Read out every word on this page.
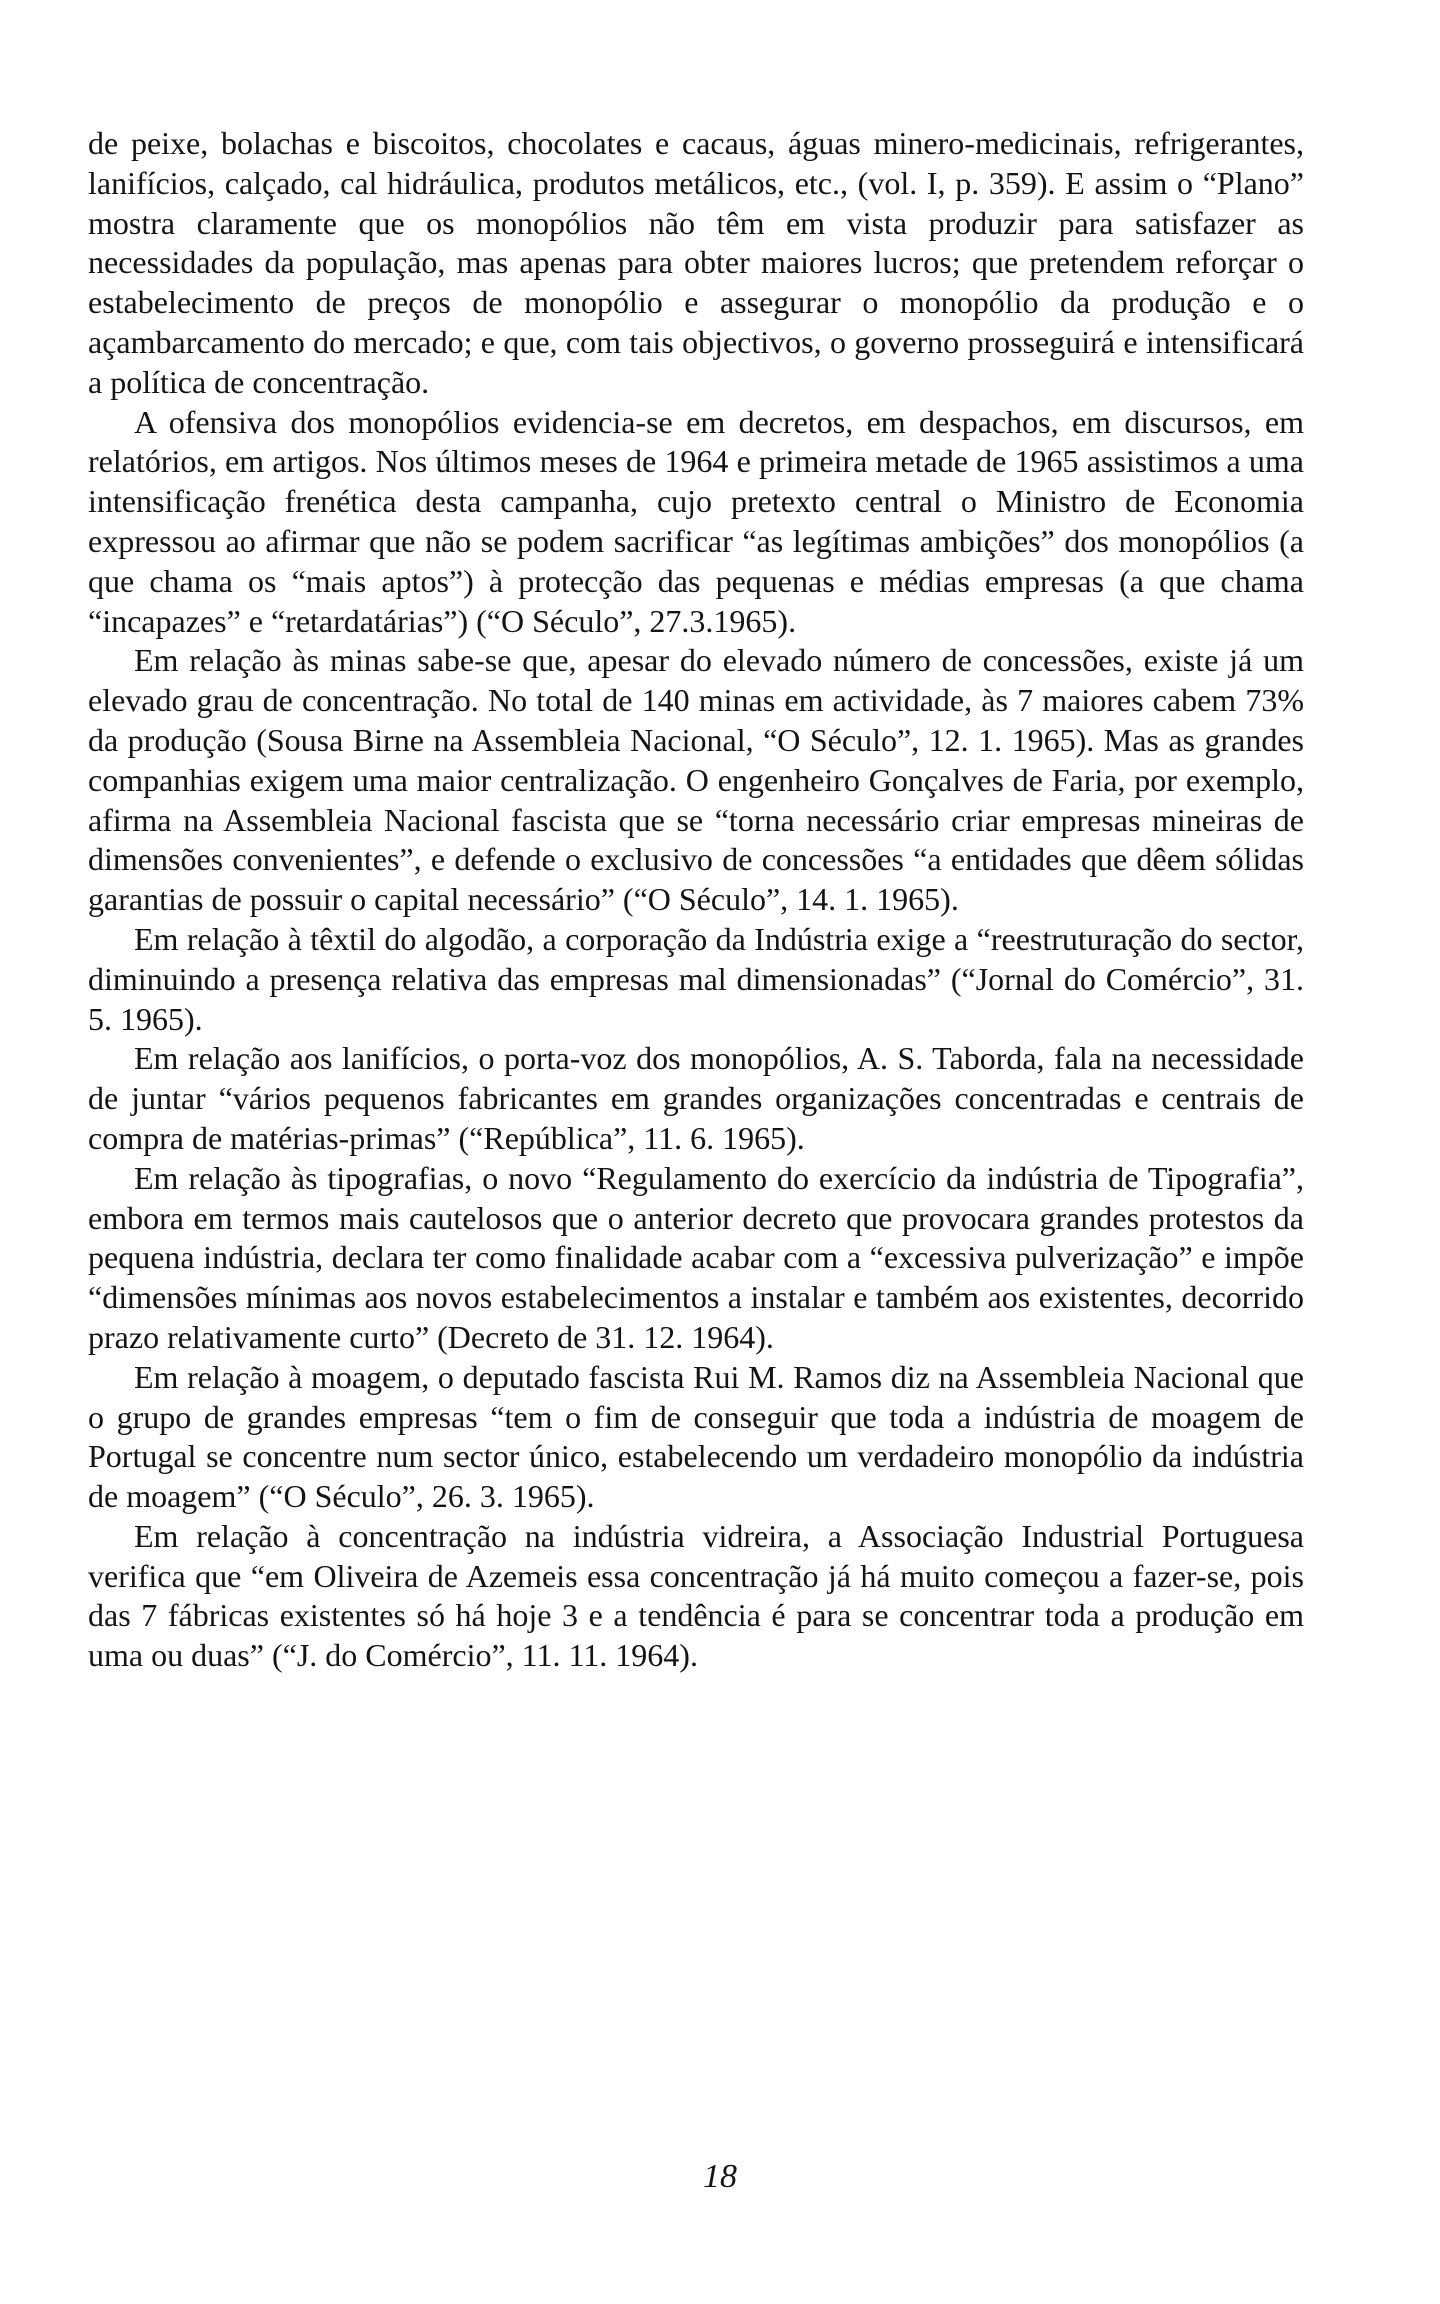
de peixe, bolachas e biscoitos, chocolates e cacaus, águas minero-medicinais, refrigerantes, lanifícios, calçado, cal hidráulica, produtos metálicos, etc., (vol. I, p. 359). E assim o “Plano” mostra claramente que os monopólios não têm em vista produzir para satisfazer as necessidades da população, mas apenas para obter maiores lucros; que pretendem reforçar o estabelecimento de preços de monopólio e assegurar o monopólio da produção e o açambarcamento do mercado; e que, com tais objectivos, o governo prosseguirá e intensificará a política de concentração.

A ofensiva dos monopólios evidencia-se em decretos, em despachos, em discursos, em relatórios, em artigos. Nos últimos meses de 1964 e primeira metade de 1965 assistimos a uma intensificação frenética desta campanha, cujo pretexto central o Ministro de Economia expressou ao afirmar que não se podem sacrificar “as legítimas ambições” dos monopólios (a que chama os “mais aptos”) à protecção das pequenas e médias empresas (a que chama “incapazes” e “retardatárias”) (“O Século”, 27.3.1965).

Em relação às minas sabe-se que, apesar do elevado número de concessões, existe já um elevado grau de concentração. No total de 140 minas em actividade, às 7 maiores cabem 73% da produção (Sousa Birne na Assembleia Nacional, “O Século”, 12. 1. 1965). Mas as grandes companhias exigem uma maior centralização. O engenheiro Gonçalves de Faria, por exemplo, afirma na Assembleia Nacional fascista que se “torna necessário criar empresas mineiras de dimensões convenientes”, e defende o exclusivo de concessões “a entidades que dêem sólidas garantias de possuir o capital necessário” (“O Século”, 14. 1. 1965).

Em relação à têxtil do algodão, a corporação da Indústria exige a “reestruturação do sector, diminuindo a presença relativa das empresas mal dimensionadas” (“Jornal do Comércio”, 31. 5. 1965).

Em relação aos lanifícios, o porta-voz dos monopólios, A. S. Taborda, fala na necessidade de juntar “vários pequenos fabricantes em grandes organizações concentradas e centrais de compra de matérias-primas” (“República”, 11. 6. 1965).

Em relação às tipografias, o novo “Regulamento do exercício da indústria de Tipografia”, embora em termos mais cautelosos que o anterior decreto que provocara grandes protestos da pequena indústria, declara ter como finalidade acabar com a “excessiva pulverização” e impõe “dimensões mínimas aos novos estabelecimentos a instalar e também aos existentes, decorrido prazo relativamente curto” (Decreto de 31. 12. 1964).

Em relação à moagem, o deputado fascista Rui M. Ramos diz na Assembleia Nacional que o grupo de grandes empresas “tem o fim de conseguir que toda a indústria de moagem de Portugal se concentre num sector único, estabelecendo um verdadeiro monopólio da indústria de moagem” (“O Século”, 26. 3. 1965).

Em relação à concentração na indústria vidreira, a Associação Industrial Portuguesa verifica que “em Oliveira de Azemeis essa concentração já há muito começou a fazer-se, pois das 7 fábricas existentes só há hoje 3 e a tendência é para se concentrar toda a produção em uma ou duas” (“J. do Comércio”, 11. 11. 1964).

18
